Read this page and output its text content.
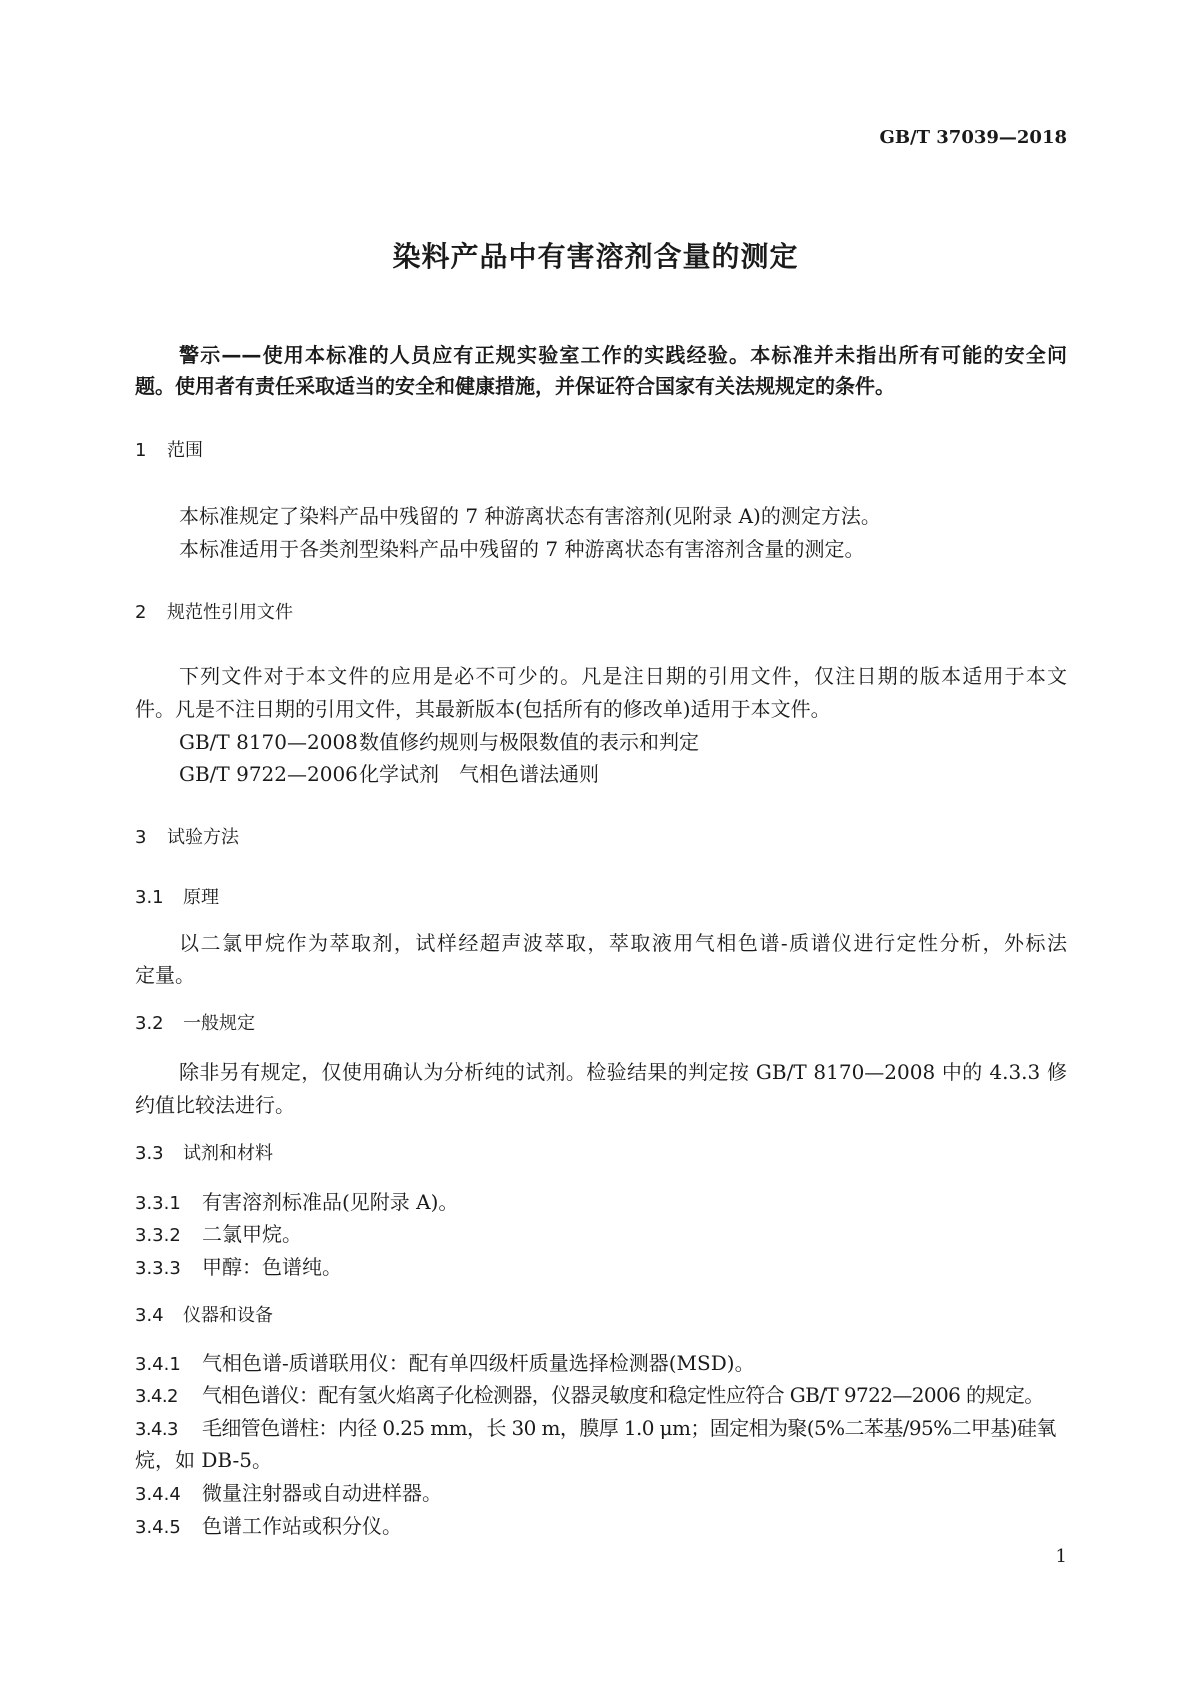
GB/T 37039—2018
染料产品中有害溶剂含量的测定
警示——使用本标准的人员应有正规实验室工作的实践经验。本标准并未指出所有可能的安全问
题。使用者有责任采取适当的安全和健康措施，并保证符合国家有关法规规定的条件。
1 范围
本标准规定了染料产品中残留的 7 种游离状态有害溶剂(见附录 A)的测定方法。
本标准适用于各类剂型染料产品中残留的 7 种游离状态有害溶剂含量的测定。
2 规范性引用文件
下列文件对于本文件的应用是必不可少的。凡是注日期的引用文件，仅注日期的版本适用于本文
件。凡是不注日期的引用文件，其最新版本(包括所有的修改单)适用于本文件。
GB/T 8170—2008数值修约规则与极限数值的表示和判定
GB/T 9722—2006化学试剂　气相色谱法通则
3 试验方法
3.1 原理
以二氯甲烷作为萃取剂，试样经超声波萃取，萃取液用气相色谱-质谱仪进行定性分析，外标法
定量。
3.2 一般规定
除非另有规定，仅使用确认为分析纯的试剂。检验结果的判定按 GB/T 8170—2008 中的 4.3.3 修
约值比较法进行。
3.3 试剂和材料
3.3.1 有害溶剂标准品(见附录 A)。
3.3.2 二氯甲烷。
3.3.3 甲醇：色谱纯。
3.4 仪器和设备
3.4.1 气相色谱-质谱联用仪：配有单四级杆质量选择检测器(MSD)。
3.4.2 气相色谱仪：配有氢火焰离子化检测器，仪器灵敏度和稳定性应符合 GB/T 9722—2006 的规定。
3.4.3 毛细管色谱柱：内径 0.25 mm，长 30 m，膜厚 1.0 μm；固定相为聚(5%二苯基/95%二甲基)硅氧
烷，如 DB-5。
3.4.4 微量注射器或自动进样器。
3.4.5 色谱工作站或积分仪。
1
